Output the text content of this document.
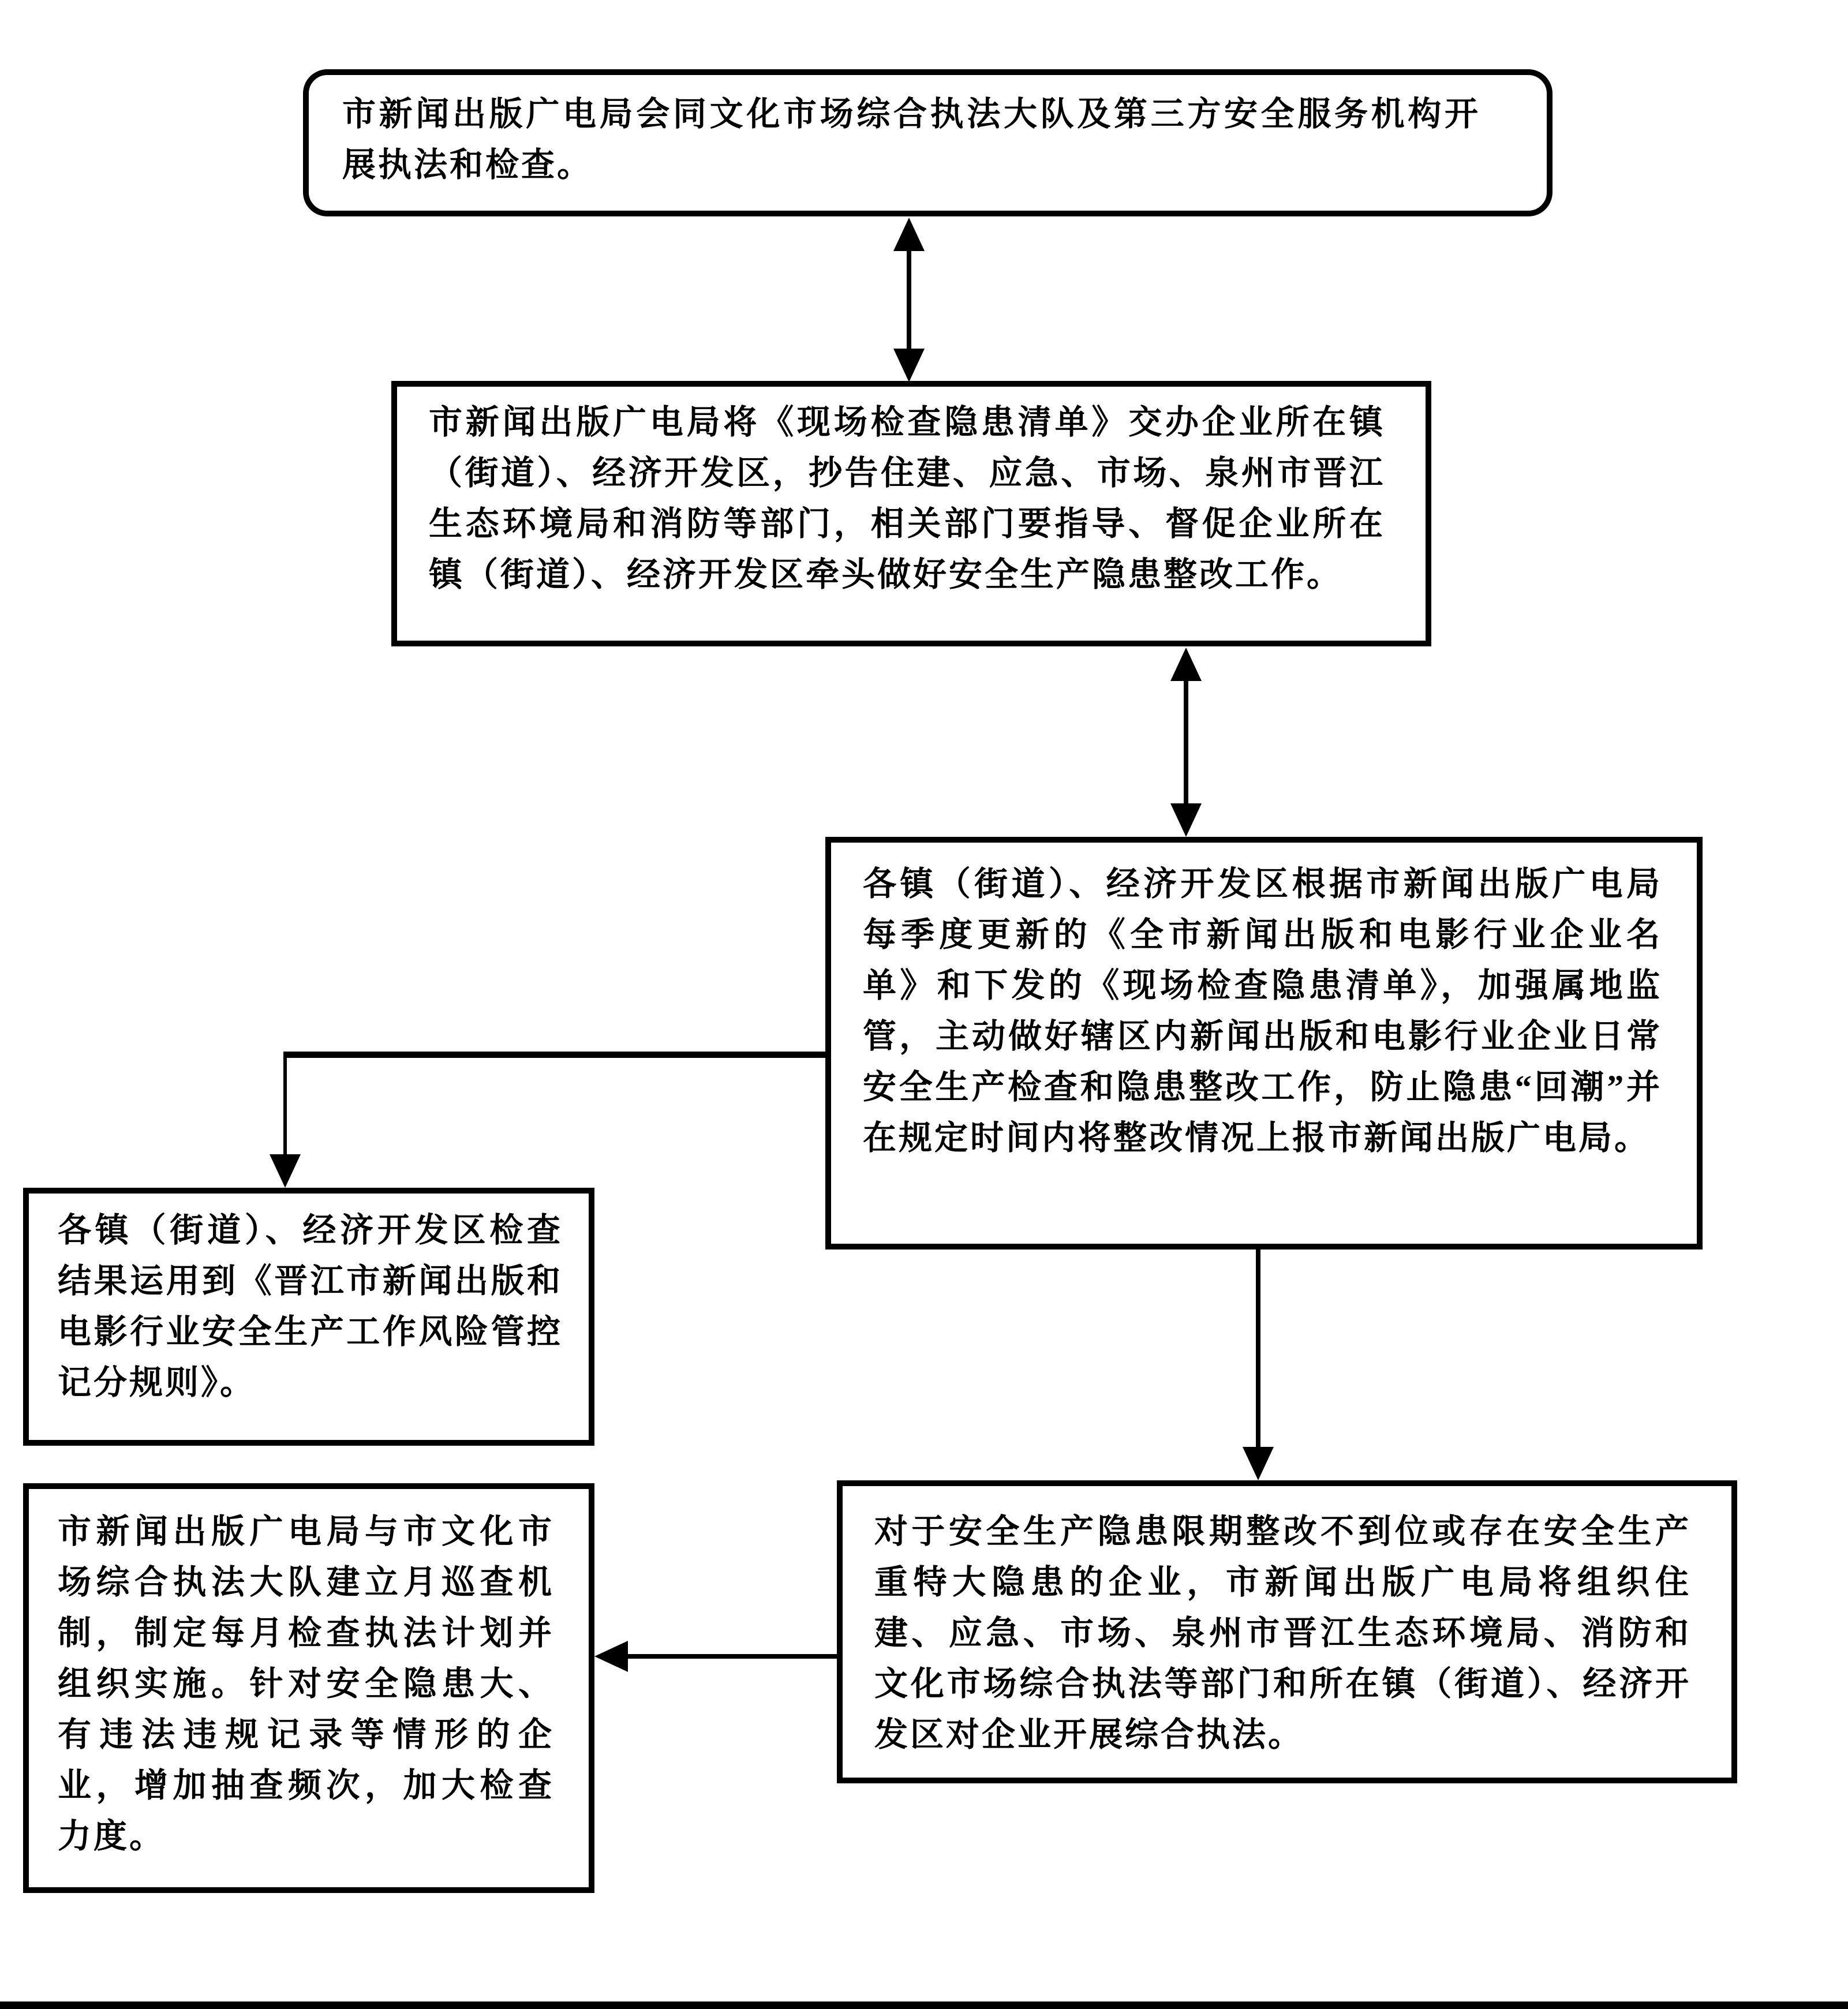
市新闻出版广电局会同文化市场综合执法大队及第三方安全服务机构开展执法和检查。

市新闻出版广电局将《现场检查隐患清单》交办企业所在镇（街道）、经济开发区，抄告住建、应急、市场、泉州市晋江生态环境局和消防等部门，相关部门要指导、督促企业所在镇（街道）、经济开发区牵头做好安全生产隐患整改工作。

各镇（街道）、经济开发区根据市新闻出版广电局每季度更新的《全市新闻出版和电影行业企业名单》和下发的《现场检查隐患清单》，加强属地监管，主动做好辖区内新闻出版和电影行业企业日常安全生产检查和隐患整改工作，防止隐患“回潮”并在规定时间内将整改情况上报市新闻出版广电局。

各镇（街道）、经济开发区检查结果运用到《晋江市新闻出版和电影行业安全生产工作风险管控记分规则》。

市新闻出版广电局与市文化市场综合执法大队建立月巡查机制，制定每月检查执法计划并组织实施。针对安全隐患大、有违法违规记录等情形的企业，增加抽查频次，加大检查力度。

对于安全生产隐患限期整改不到位或存在安全生产重特大隐患的企业，市新闻出版广电局将组织住建、应急、市场、泉州市晋江生态环境局、消防和文化市场综合执法等部门和所在镇（街道）、经济开发区对企业开展综合执法。
